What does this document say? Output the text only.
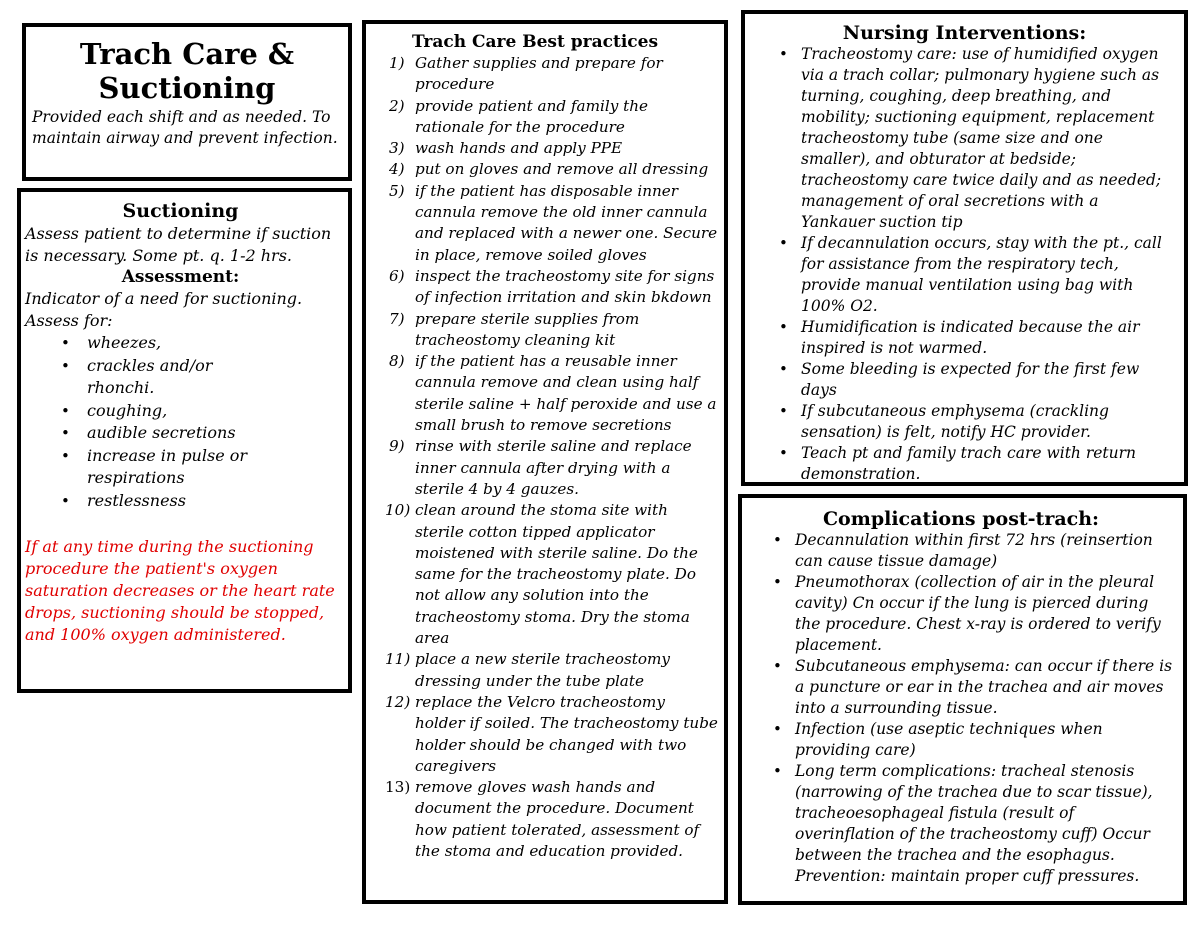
Trach Care &
Suctioning
Provided each shift and as needed. To maintain airway and prevent infection.
Suctioning
Assess patient to determine if suction is necessary. Some pt. q. 1-2 hrs.
Assessment:
Indicator of a need for suctioning.
Assess for:
• wheezes,
• crackles and/or rhonchi.
• coughing,
• audible secretions
• increase in pulse or respirations
• restlessness
If at any time during the suctioning procedure the patient's oxygen saturation decreases or the heart rate drops, suctioning should be stopped, and 100% oxygen administered.
Trach Care Best practices
1) Gather supplies and prepare for procedure
2) provide patient and family the rationale for the procedure
3) wash hands and apply PPE
4) put on gloves and remove all dressing
5) if the patient has disposable inner cannula remove the old inner cannula and replaced with a newer one. Secure in place, remove soiled gloves
6) inspect the tracheostomy site for signs of infection irritation and skin bkdown
7) prepare sterile supplies from tracheostomy cleaning kit
8) if the patient has a reusable inner cannula remove and clean using half sterile saline + half peroxide and use a small brush to remove secretions
9) rinse with sterile saline and replace inner cannula after drying with a sterile 4 by 4 gauzes.
10) clean around the stoma site with sterile cotton tipped applicator moistened with sterile saline. Do the same for the tracheostomy plate. Do not allow any solution into the tracheostomy stoma. Dry the stoma area
11) place a new sterile tracheostomy dressing under the tube plate
12) replace the Velcro tracheostomy holder if soiled. The tracheostomy tube holder should be changed with two caregivers
13) remove gloves wash hands and document the procedure. Document how patient tolerated, assessment of the stoma and education provided.
Nursing Interventions:
• Tracheostomy care: use of humidified oxygen via a trach collar; pulmonary hygiene such as turning, coughing, deep breathing, and mobility; suctioning equipment, replacement tracheostomy tube (same size and one smaller), and obturator at bedside; tracheostomy care twice daily and as needed; management of oral secretions with a Yankauer suction tip
• If decannulation occurs, stay with the pt., call for assistance from the respiratory tech, provide manual ventilation using bag with 100% O2.
• Humidification is indicated because the air inspired is not warmed.
• Some bleeding is expected for the first few days
• If subcutaneous emphysema (crackling sensation) is felt, notify HC provider.
• Teach pt and family trach care with return demonstration.
Complications post-trach:
• Decannulation within first 72 hrs (reinsertion can cause tissue damage)
• Pneumothorax (collection of air in the pleural cavity) Cn occur if the lung is pierced during the procedure. Chest x-ray is ordered to verify placement.
• Subcutaneous emphysema: can occur if there is a puncture or ear in the trachea and air moves into a surrounding tissue.
• Infection (use aseptic techniques when providing care)
• Long term complications: tracheal stenosis (narrowing of the trachea due to scar tissue), tracheoesophageal fistula (result of overinflation of the tracheostomy cuff) Occur between the trachea and the esophagus. Prevention: maintain proper cuff pressures.
